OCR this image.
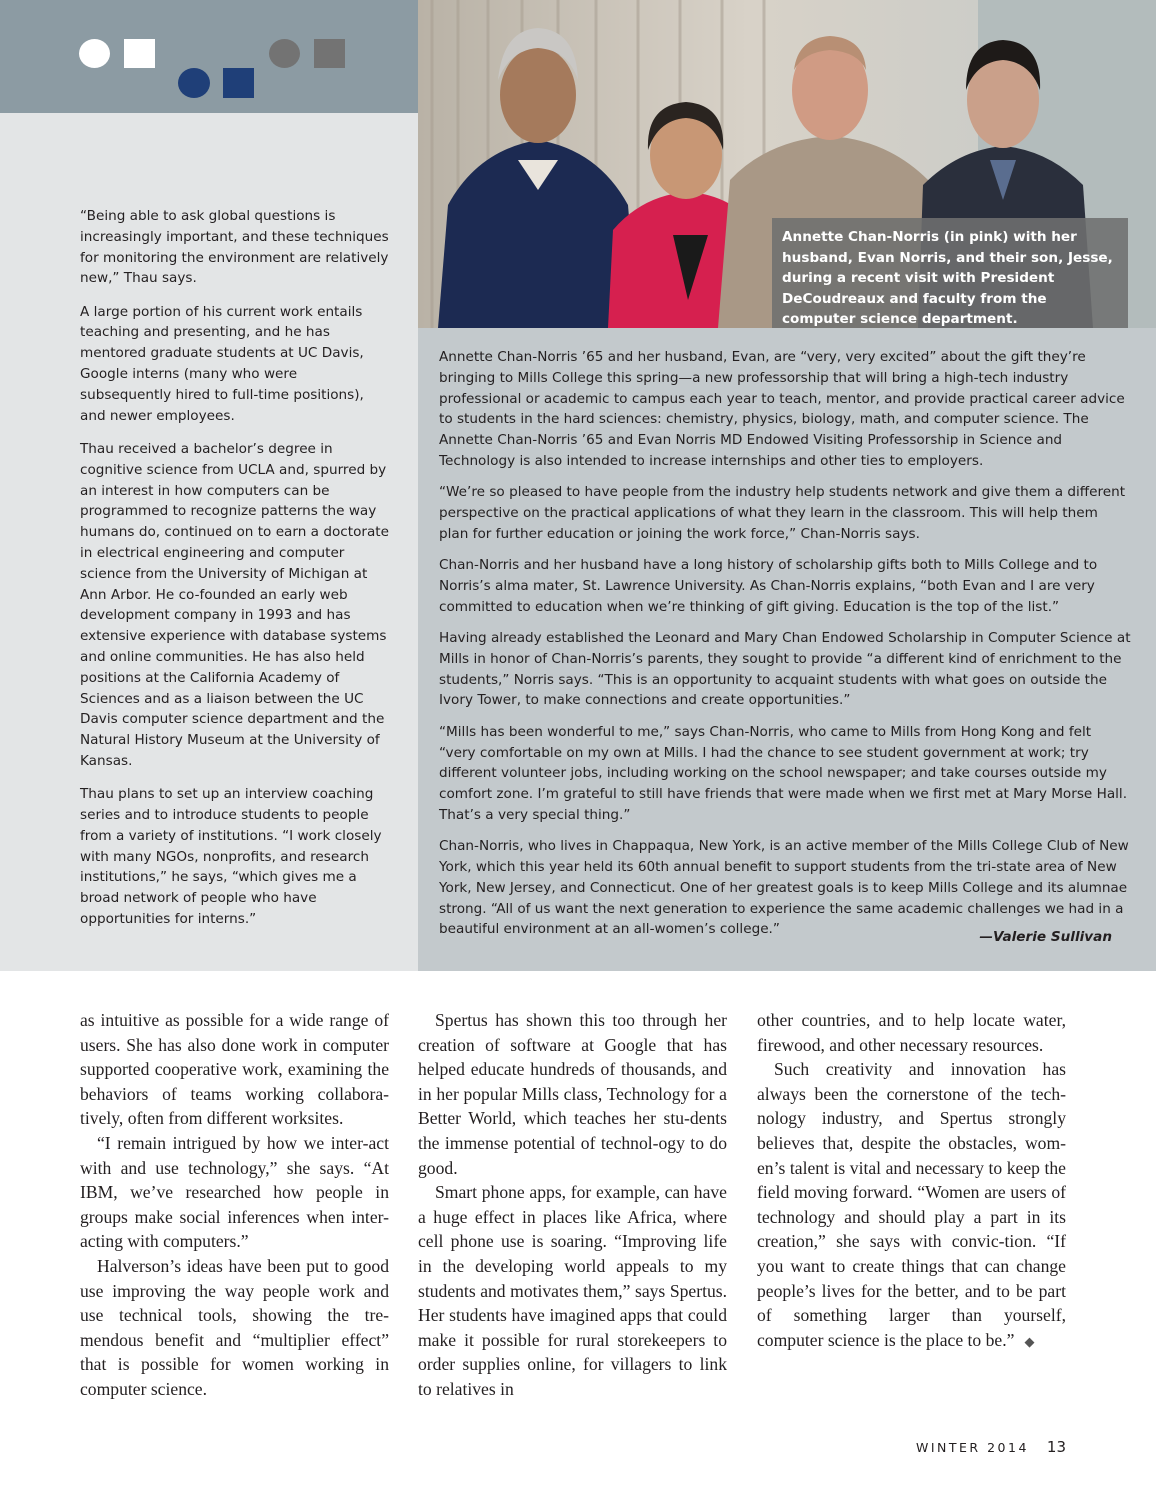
“Being able to ask global questions is increasingly important, and these techniques for monitoring the environment are relatively new,” Thau says.

A large portion of his current work entails teaching and presenting, and he has mentored graduate students at UC Davis, Google interns (many who were subsequently hired to full-time positions), and newer employees.

Thau received a bachelor’s degree in cognitive science from UCLA and, spurred by an interest in how computers can be programmed to recognize patterns the way humans do, continued on to earn a doctorate in electrical engineering and computer science from the University of Michigan at Ann Arbor. He co-founded an early web development company in 1993 and has extensive experience with database systems and online communities. He has also held positions at the California Academy of Sciences and as a liaison between the UC Davis computer science department and the Natural History Museum at the University of Kansas.

Thau plans to set up an interview coaching series and to introduce students to people from a variety of institutions. “I work closely with many NGOs, nonprofits, and research institutions,” he says, “which gives me a broad network of people who have opportunities for interns.”

Annette Chan-Norris (in pink) with her husband, Evan Norris, and their son, Jesse, during a recent visit with President DeCoudreaux and faculty from the computer science department.

Annette Chan-Norris ’65 and her husband, Evan, are “very, very excited” about the gift they’re bringing to Mills College this spring—a new professorship that will bring a high-tech industry professional or academic to campus each year to teach, mentor, and provide practical career advice to students in the hard sciences: chemistry, physics, biology, math, and computer science. The Annette Chan-Norris ’65 and Evan Norris MD Endowed Visiting Professorship in Science and Technology is also intended to increase internships and other ties to employers.

“We’re so pleased to have people from the industry help students network and give them a different perspective on the practical applications of what they learn in the classroom. This will help them plan for further education or joining the work force,” Chan-Norris says.

Chan-Norris and her husband have a long history of scholarship gifts both to Mills College and to Norris’s alma mater, St. Lawrence University. As Chan-Norris explains, “both Evan and I are very committed to education when we’re thinking of gift giving. Education is the top of the list.”

Having already established the Leonard and Mary Chan Endowed Scholarship in Computer Science at Mills in honor of Chan-Norris’s parents, they sought to provide “a different kind of enrichment to the students,” Norris says. “This is an opportunity to acquaint students with what goes on outside the Ivory Tower, to make connections and create opportunities.”

“Mills has been wonderful to me,” says Chan-Norris, who came to Mills from Hong Kong and felt “very comfortable on my own at Mills. I had the chance to see student government at work; try different volunteer jobs, including working on the school newspaper; and take courses outside my comfort zone. I’m grateful to still have friends that were made when we first met at Mary Morse Hall. That’s a very special thing.”

Chan-Norris, who lives in Chappaqua, New York, is an active member of the Mills College Club of New York, which this year held its 60th annual benefit to support students from the tri-state area of New York, New Jersey, and Connecticut. One of her greatest goals is to keep Mills College and its alumnae strong. “All of us want the next generation to experience the same academic challenges we had in a beautiful environment at an all-women’s college.”	—Valerie Sullivan

as intuitive as possible for a wide range of users. She has also done work in computer supported cooperative work, examining the behaviors of teams working collabora-tively, often from different worksites.

“I remain intrigued by how we inter-act with and use technology,” she says. “At IBM, we’ve researched how people in groups make social inferences when inter-acting with computers.”

Halverson’s ideas have been put to good use improving the way people work and use technical tools, showing the tre-mendous benefit and “multiplier effect” that is possible for women working in computer science.

Spertus has shown this too through her creation of software at Google that has helped educate hundreds of thousands, and in her popular Mills class, Technology for a Better World, which teaches her stu-dents the immense potential of technol-ogy to do good.

Smart phone apps, for example, can have a huge effect in places like Africa, where cell phone use is soaring. “Improving life in the developing world appeals to my students and motivates them,” says Spertus. Her students have imagined apps that could make it possible for rural storekeepers to order supplies online, for villagers to link to relatives in

other countries, and to help locate water, firewood, and other necessary resources.

Such creativity and innovation has always been the cornerstone of the tech-nology industry, and Spertus strongly believes that, despite the obstacles, wom-en’s talent is vital and necessary to keep the field moving forward. “Women are users of technology and should play a part in its creation,” she says with convic-tion. “If you want to create things that can change people’s lives for the better, and to be part of something larger than yourself, computer science is the place to be.” ◆

WINTER 2014 13
